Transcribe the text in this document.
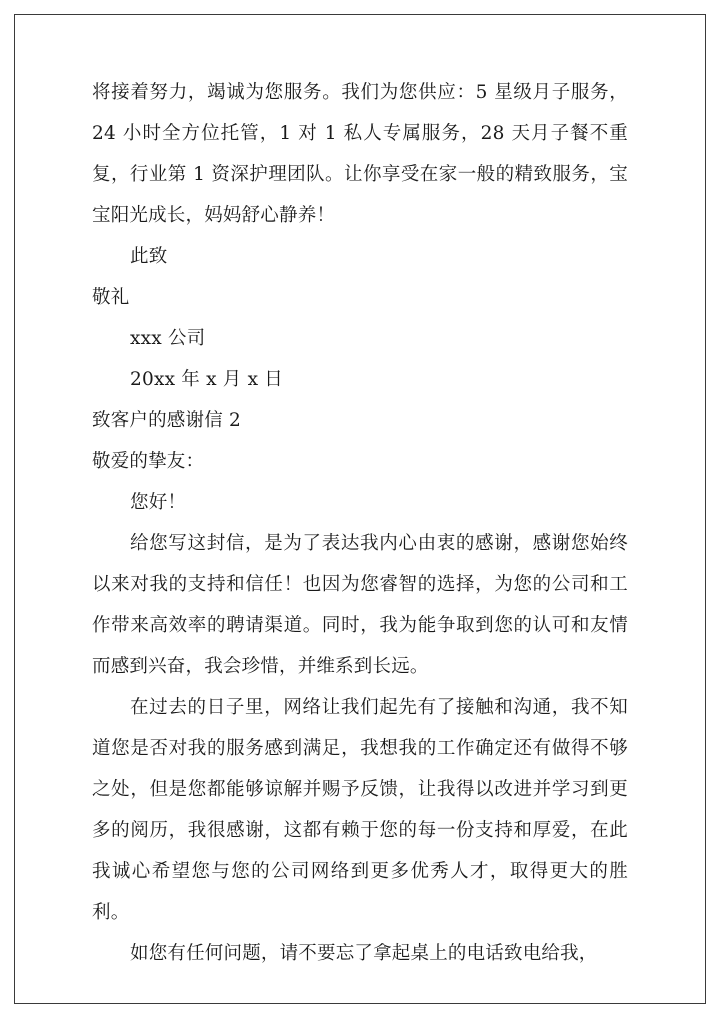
将接着努力，竭诚为您服务。我们为您供应：5 星级月子服务，24 小时全方位托管，1 对 1 私人专属服务，28 天月子餐不重复，行业第 1 资深护理团队。让你享受在家一般的精致服务，宝宝阳光成长，妈妈舒心静养！

此致

敬礼

xxx 公司

20xx 年 x 月 x 日

致客户的感谢信 2

敬爱的挚友：

您好！

给您写这封信，是为了表达我内心由衷的感谢，感谢您始终以来对我的支持和信任！也因为您睿智的选择，为您的公司和工作带来高效率的聘请渠道。同时，我为能争取到您的认可和友情而感到兴奋，我会珍惜，并维系到长远。

在过去的日子里，网络让我们起先有了接触和沟通，我不知道您是否对我的服务感到满足，我想我的工作确定还有做得不够之处，但是您都能够谅解并赐予反馈，让我得以改进并学习到更多的阅历，我很感谢，这都有赖于您的每一份支持和厚爱，在此我诚心希望您与您的公司网络到更多优秀人才，取得更大的胜利。

如您有任何问题，请不要忘了拿起桌上的电话致电给我，
